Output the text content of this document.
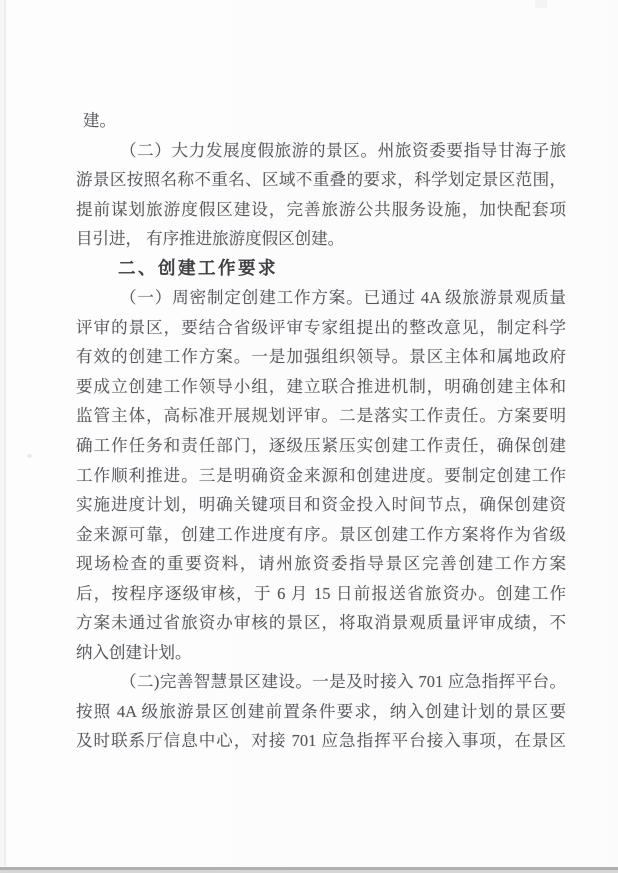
建。
（二）大力发展度假旅游的景区。州旅资委要指导甘海子旅
游景区按照名称不重名、区域不重叠的要求，科学划定景区范围，
提前谋划旅游度假区建设，完善旅游公共服务设施，加快配套项
目引进， 有序推进旅游度假区创建。
二、创建工作要求
（一）周密制定创建工作方案。已通过 4A 级旅游景观质量
评审的景区，要结合省级评审专家组提出的整改意见，制定科学
有效的创建工作方案。一是加强组织领导。景区主体和属地政府
要成立创建工作领导小组，建立联合推进机制，明确创建主体和
监管主体，高标准开展规划评审。二是落实工作责任。方案要明
确工作任务和责任部门，逐级压紧压实创建工作责任，确保创建
工作顺利推进。三是明确资金来源和创建进度。要制定创建工作
实施进度计划，明确关键项目和资金投入时间节点，确保创建资
金来源可靠，创建工作进度有序。景区创建工作方案将作为省级
现场检查的重要资料，请州旅资委指导景区完善创建工作方案
后，按程序逐级审核，于 6 月 15 日前报送省旅资办。创建工作
方案未通过省旅资办审核的景区，将取消景观质量评审成绩，不
纳入创建计划。
（二)完善智慧景区建设。一是及时接入 701 应急指挥平台。
按照 4A 级旅游景区创建前置条件要求，纳入创建计划的景区要
及时联系厅信息中心，对接 701 应急指挥平台接入事项，在景区
